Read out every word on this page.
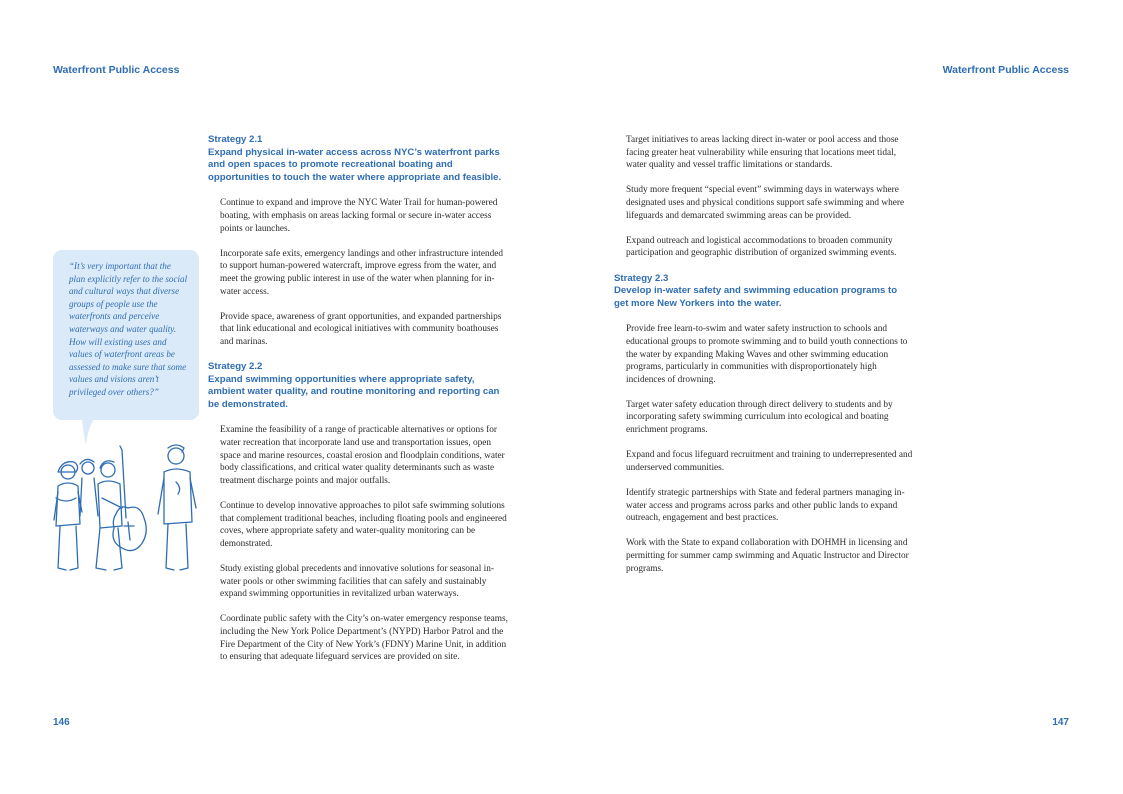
Waterfront Public Access	Waterfront Public Access
“It’s very important that the plan explicitly refer to the social and cultural ways that diverse groups of people use the waterfronts and perceive waterways and water quality. How will existing uses and values of waterfront areas be assessed to make sure that some values and visions aren’t privileged over others?”
Strategy 2.1
Expand physical in-water access across NYC’s waterfront parks and open spaces to promote recreational boating and opportunities to touch the water where appropriate and feasible.

Continue to expand and improve the NYC Water Trail for human-powered boating, with emphasis on areas lacking formal or secure in-water access points or launches.

Incorporate safe exits, emergency landings and other infrastructure intended to support human-powered watercraft, improve egress from the water, and meet the growing public interest in use of the water when planning for in-water access.

Provide space, awareness of grant opportunities, and expanded partnerships that link educational and ecological initiatives with community boathouses and marinas.

Strategy 2.2
Expand swimming opportunities where appropriate safety, ambient water quality, and routine monitoring and reporting can be demonstrated.

Examine the feasibility of a range of practicable alternatives or options for water recreation that incorporate land use and transportation issues, open space and marine resources, coastal erosion and floodplain conditions, water body classifications, and critical water quality determinants such as waste treatment discharge points and major outfalls.

Continue to develop innovative approaches to pilot safe swimming solutions that complement traditional beaches, including floating pools and engineered coves, where appropriate safety and water-quality monitoring can be demonstrated.

Study existing global precedents and innovative solutions for seasonal in-water pools or other swimming facilities that can safely and sustainably expand swimming opportunities in revitalized urban waterways.

Coordinate public safety with the City’s on-water emergency response teams, including the New York Police Department’s (NYPD) Harbor Patrol and the Fire Department of the City of New York’s (FDNY) Marine Unit, in addition to ensuring that adequate lifeguard services are provided on site.

Target initiatives to areas lacking direct in-water or pool access and those facing greater heat vulnerability while ensuring that locations meet tidal, water quality and vessel traffic limitations or standards.

Study more frequent “special event” swimming days in waterways where designated uses and physical conditions support safe swimming and where lifeguards and demarcated swimming areas can be provided.

Expand outreach and logistical accommodations to broaden community participation and geographic distribution of organized swimming events.

Strategy 2.3
Develop in-water safety and swimming education programs to get more New Yorkers into the water.

Provide free learn-to-swim and water safety instruction to schools and educational groups to promote swimming and to build youth connections to the water by expanding Making Waves and other swimming education programs, particularly in communities with disproportionately high incidences of drowning.

Target water safety education through direct delivery to students and by incorporating safety swimming curriculum into ecological and boating enrichment programs.

Expand and focus lifeguard recruitment and training to underrepresented and underserved communities.

Identify strategic partnerships with State and federal partners managing in-water access and programs across parks and other public lands to expand outreach, engagement and best practices.

Work with the State to expand collaboration with DOHMH in licensing and permitting for summer camp swimming and Aquatic Instructor and Director programs.

146	147
